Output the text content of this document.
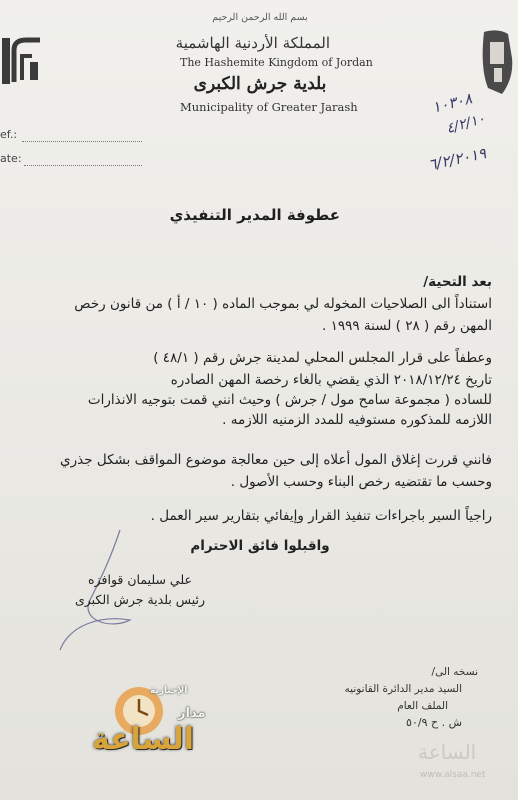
بسم الله الرحمن الرحيم
المملكة الأردنية الهاشمية
The Hashemite Kingdom of Jordan
بلدية جرش الكبرى
Municipality of Greater Jarash
ef.:
ate:
١٠٣٠٨
٤/٢/١٠
٦/٢/٢٠١٩
عطوفة المدير التنفيذي
بعد التحية/
استناداً الى الصلاحيات المخوله لي بموجب الماده ( ١٠ / أ ) من قانون رخص
المهن رقم ( ٢٨ ) لسنة ١٩٩٩ .
وعطفاً على قرار المجلس المحلي لمدينة جرش رقم ( ٤٨/١ )
تاريخ ٢٠١٨/١٢/٢٤ الذي يقضي بالغاء رخصة المهن الصادره
للساده ( مجموعة سامح مول / جرش ) وحيث انني قمت بتوجيه الانذارات
اللازمه للمذكوره مستوفيه للمدد الزمنيه اللازمه .
فانني قررت إغلاق المول أعلاه إلى حين معالجة موضوع المواقف بشكل جذري
وحسب ما تقتضيه رخص البناء وحسب الأصول .
راجياً السير باجراءات تنفيذ القرار وإيفائي بتقارير سير العمل .
واقبلوا فائق الاحترام
علي سليمان قوافزه
رئيس بلدية جرش الكبرى
نسخه الى/
السيد مدير الدائرة القانونيه
الملف العام
ش . ح ٥٠/٩
مدار
الإخبارية
الساعة	الساعة
www.alsaa.net
